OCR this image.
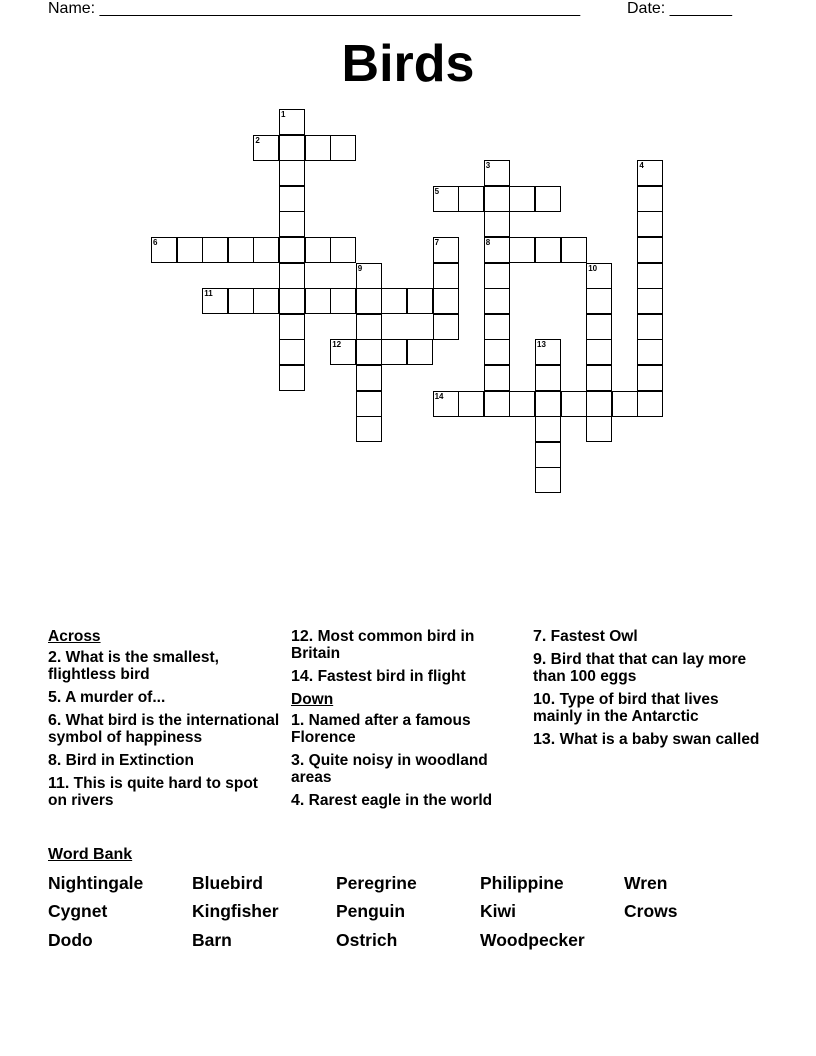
Name: ______________________________________________________	Date: _______
Birds
1
2
3
8
4
5
6	7
9	10
11
12	13
14
Across
2. What is the smallest, flightless bird
5. A murder of...
6. What bird is the international symbol of happiness
8. Bird in Extinction
11. This is quite hard to spot on rivers
12. Most common bird in Britain
14. Fastest bird in flight
Down
1. Named after a famous Florence
3. Quite noisy in woodland areas
4. Rarest eagle in the world
7. Fastest Owl
9. Bird that that can lay more than 100 eggs
10. Type of bird that lives mainly in the Antarctic
13. What is a baby swan called
Word Bank
Nightingale	Bluebird	Peregrine	Philippine	Wren
Cygnet	Kingfisher	Penguin	Kiwi	Crows
Dodo	Barn	Ostrich	Woodpecker
